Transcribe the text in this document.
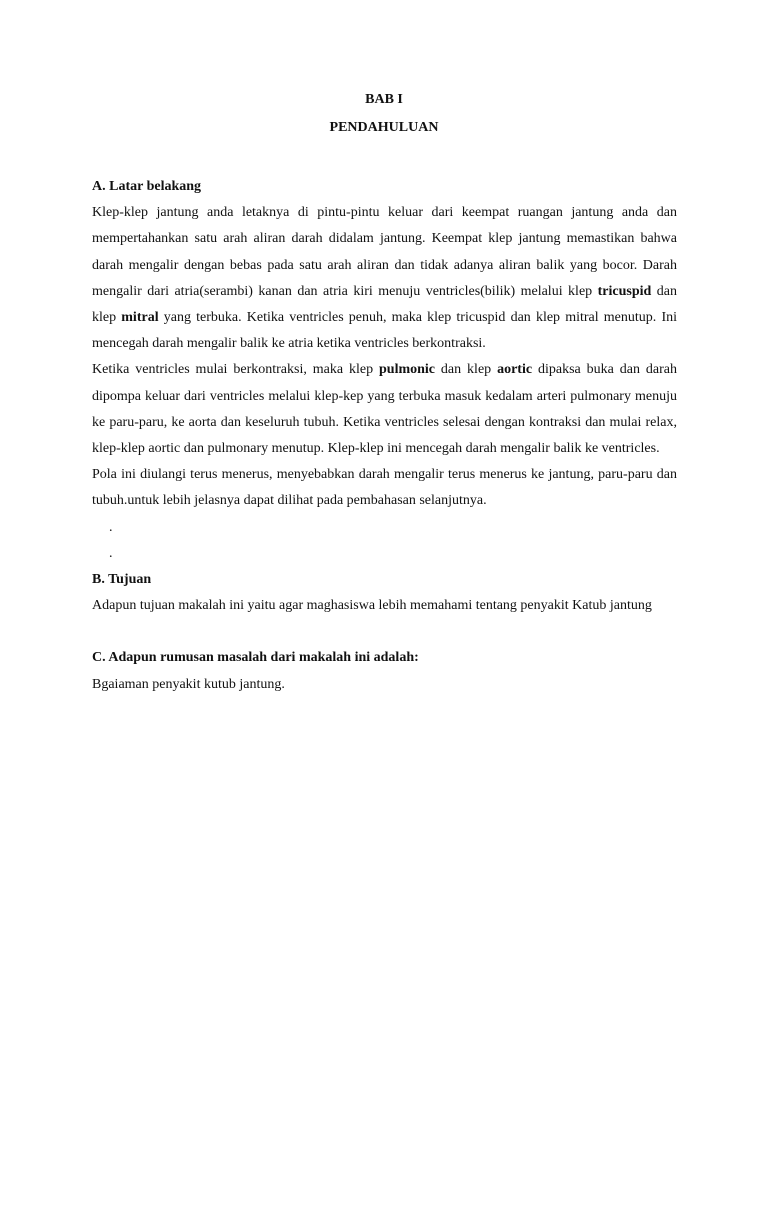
BAB I
PENDAHULUAN

A. Latar belakang

Klep-klep jantung anda letaknya di pintu-pintu keluar dari keempat ruangan jantung anda dan mempertahankan satu arah aliran darah didalam jantung. Keempat klep jantung memastikan bahwa darah mengalir dengan bebas pada satu arah aliran dan tidak adanya aliran balik yang bocor. Darah mengalir dari atria(serambi) kanan dan atria kiri menuju ventricles(bilik) melalui klep tricuspid dan klep mitral yang terbuka. Ketika ventricles penuh, maka klep tricuspid dan klep mitral menutup. Ini mencegah darah mengalir balik ke atria ketika ventricles berkontraksi.

Ketika ventricles mulai berkontraksi, maka klep pulmonic dan klep aortic dipaksa buka dan darah dipompa keluar dari ventricles melalui klep-kep yang terbuka masuk kedalam arteri pulmonary menuju ke paru-paru, ke aorta dan keseluruh tubuh. Ketika ventricles selesai dengan kontraksi dan mulai relax, klep-klep aortic dan pulmonary menutup. Klep-klep ini mencegah darah mengalir balik ke ventricles.

Pola ini diulangi terus menerus, menyebabkan darah mengalir terus menerus ke jantung, paru-paru dan tubuh.untuk lebih jelasnya dapat dilihat pada pembahasan selanjutnya.

.

.

B. Tujuan

Adapun tujuan makalah ini yaitu agar maghasiswa lebih memahami tentang penyakit Katub jantung

C. Adapun rumusan masalah dari makalah ini adalah:

Bgaiaman penyakit kutub jantung.
